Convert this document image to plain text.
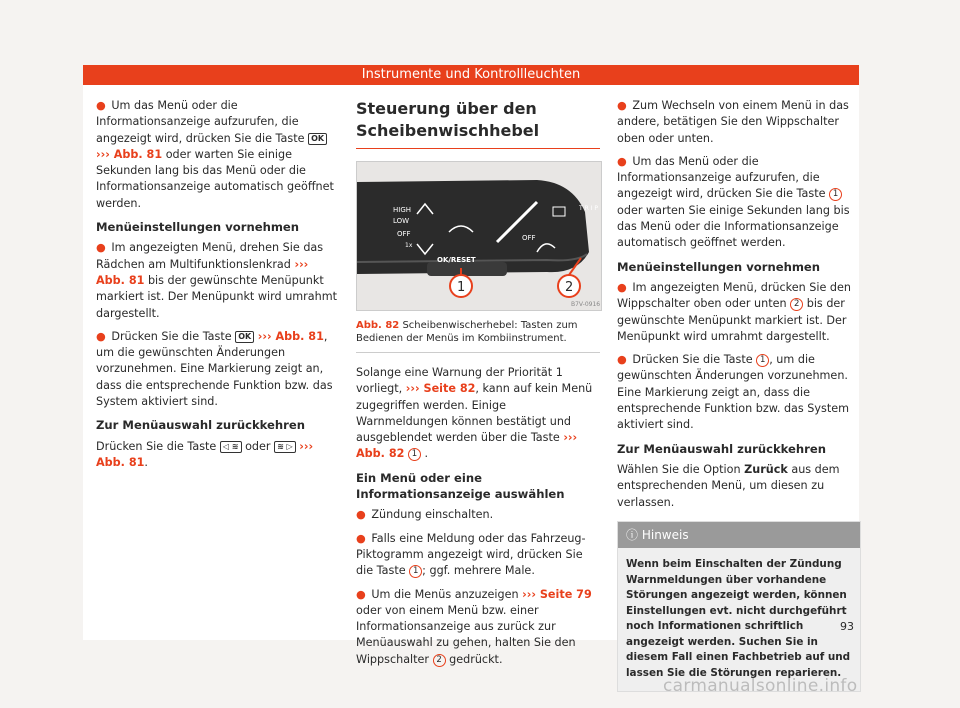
Instrumente und Kontrollleuchten

● Um das Menü oder die Informationsanzeige aufzurufen, die angezeigt wird, drücken Sie die Taste OK ››› Abb. 81 oder warten Sie einige Sekunden lang bis das Menü oder die Informationsanzeige automatisch geöffnet werden.

Menüeinstellungen vornehmen

● Im angezeigten Menü, drehen Sie das Rädchen am Multifunktionslenkrad ››› Abb. 81 bis der gewünschte Menüpunkt markiert ist. Der Menüpunkt wird umrahmt dargestellt.

● Drücken Sie die Taste OK ››› Abb. 81, um die gewünschten Änderungen vorzunehmen. Eine Markierung zeigt an, dass die entsprechende Funktion bzw. das System aktiviert sind.

Zur Menüauswahl zurückkehren

Drücken Sie die Taste ◁ ≋ oder ≋ ▷ ››› Abb. 81.

Steuerung über den Scheibenwischhebel
HIGH
LOW
OFF
1x
OK/RESET
OFF
T R I P
1	2
B7V-0916
Abb. 82 Scheibenwischerhebel: Tasten zum Bedienen der Menüs im Kombiinstrument.

Solange eine Warnung der Priorität 1 vorliegt, ››› Seite 82, kann auf kein Menü zugegriffen werden. Einige Warnmeldungen können bestätigt und ausgeblendet werden über die Taste ››› Abb. 82 1 .

Ein Menü oder eine Informationsanzeige auswählen

● Zündung einschalten.

● Falls eine Meldung oder das Fahrzeug-Piktogramm angezeigt wird, drücken Sie die Taste 1 ; ggf. mehrere Male.

● Um die Menüs anzuzeigen ››› Seite 79 oder von einem Menü bzw. einer Informationsanzeige aus zurück zur Menüauswahl zu gehen, halten Sie den Wippschalter 2 gedrückt.

● Zum Wechseln von einem Menü in das andere, betätigen Sie den Wippschalter oben oder unten.

● Um das Menü oder die Informationsanzeige aufzurufen, die angezeigt wird, drücken Sie die Taste 1 oder warten Sie einige Sekunden lang bis das Menü oder die Informationsanzeige automatisch geöffnet werden.

Menüeinstellungen vornehmen

● Im angezeigten Menü, drücken Sie den Wippschalter oben oder unten 2 bis der gewünschte Menüpunkt markiert ist. Der Menüpunkt wird umrahmt dargestellt.

● Drücken Sie die Taste 1 , um die gewünschten Änderungen vorzunehmen. Eine Markierung zeigt an, dass die entsprechende Funktion bzw. das System aktiviert sind.

Zur Menüauswahl zurückkehren

Wählen Sie die Option Zurück aus dem entsprechenden Menü, um diesen zu verlassen.

ⓘ Hinweis
Wenn beim Einschalten der Zündung Warnmeldungen über vorhandene Störungen angezeigt werden, können Einstellungen evt. nicht durchgeführt noch Informationen schriftlich angezeigt werden. Suchen Sie in diesem Fall einen Fachbetrieb auf und lassen Sie die Störungen reparieren.
93
carmanualsonline.info
